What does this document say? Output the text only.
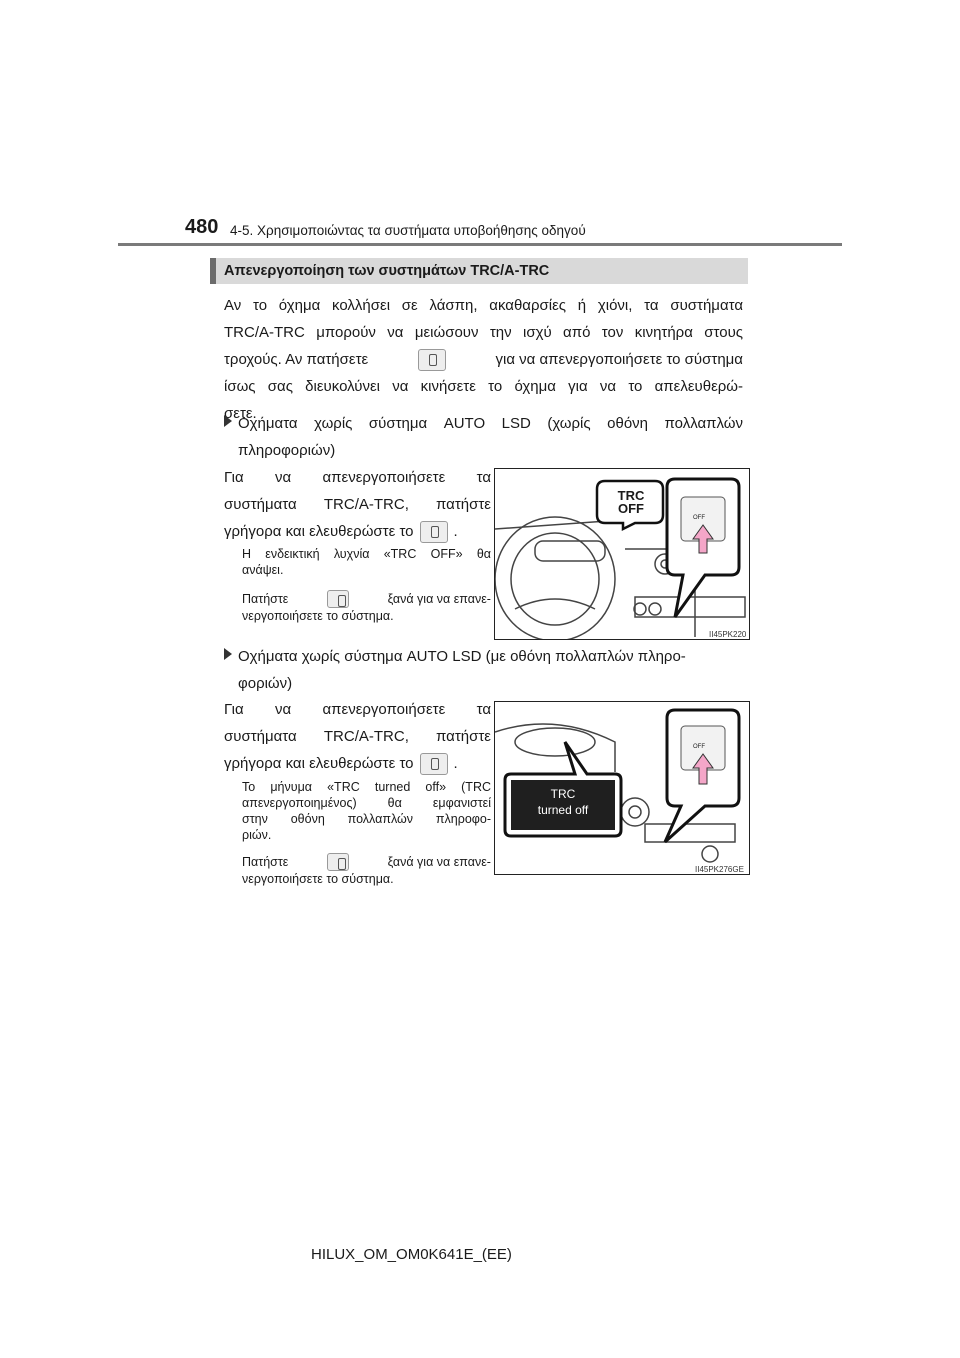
480 4-5. Χρησιμοποιώντας τα συστήματα υποβοήθησης οδηγού
Απενεργοποίηση των συστημάτων TRC/A-TRC
Αν το όχημα κολλήσει σε λάσπη, ακαθαρσίες ή χιόνι, τα συστήματα
TRC/A-TRC μπορούν να μειώσουν την ισχύ από τον κινητήρα στους
τροχούς. Αν πατήσετε	για να απενεργοποιήσετε το σύστημα
ίσως σας διευκολύνει να κινήσετε το όχημα για να το απελευθερώ-
σετε.
Οχήματα χωρίς σύστημα AUTO LSD (χωρίς οθόνη πολλαπλών
πληροφοριών)
Για να απενεργοποιήσετε τα
συστήματα TRC/A-TRC, πατήστε
γρήγορα και ελευθερώστε το	.
Η ενδεικτική λυχνία «TRC OFF» θα
ανάψει.
Πατήστε	ξανά για να επανε-
νεργοποιήσετε το σύστημα.
TRC
OFF
OFF
II45PK220
Οχήματα χωρίς σύστημα AUTO LSD (με οθόνη πολλαπλών πληρο-
φοριών)
Για να απενεργοποιήσετε τα
συστήματα TRC/A-TRC, πατήστε
γρήγορα και ελευθερώστε το	.
Το μήνυμα «TRC turned off» (TRC
απενεργοποιημένος) θα εμφανιστεί
στην οθόνη πολλαπλών πληροφο-
ριών.
Πατήστε	ξανά για να επανε-
νεργοποιήσετε το σύστημα.
TRC
turned off
OFF
II45PK276GE
HILUX_OM_OM0K641E_(EE)
